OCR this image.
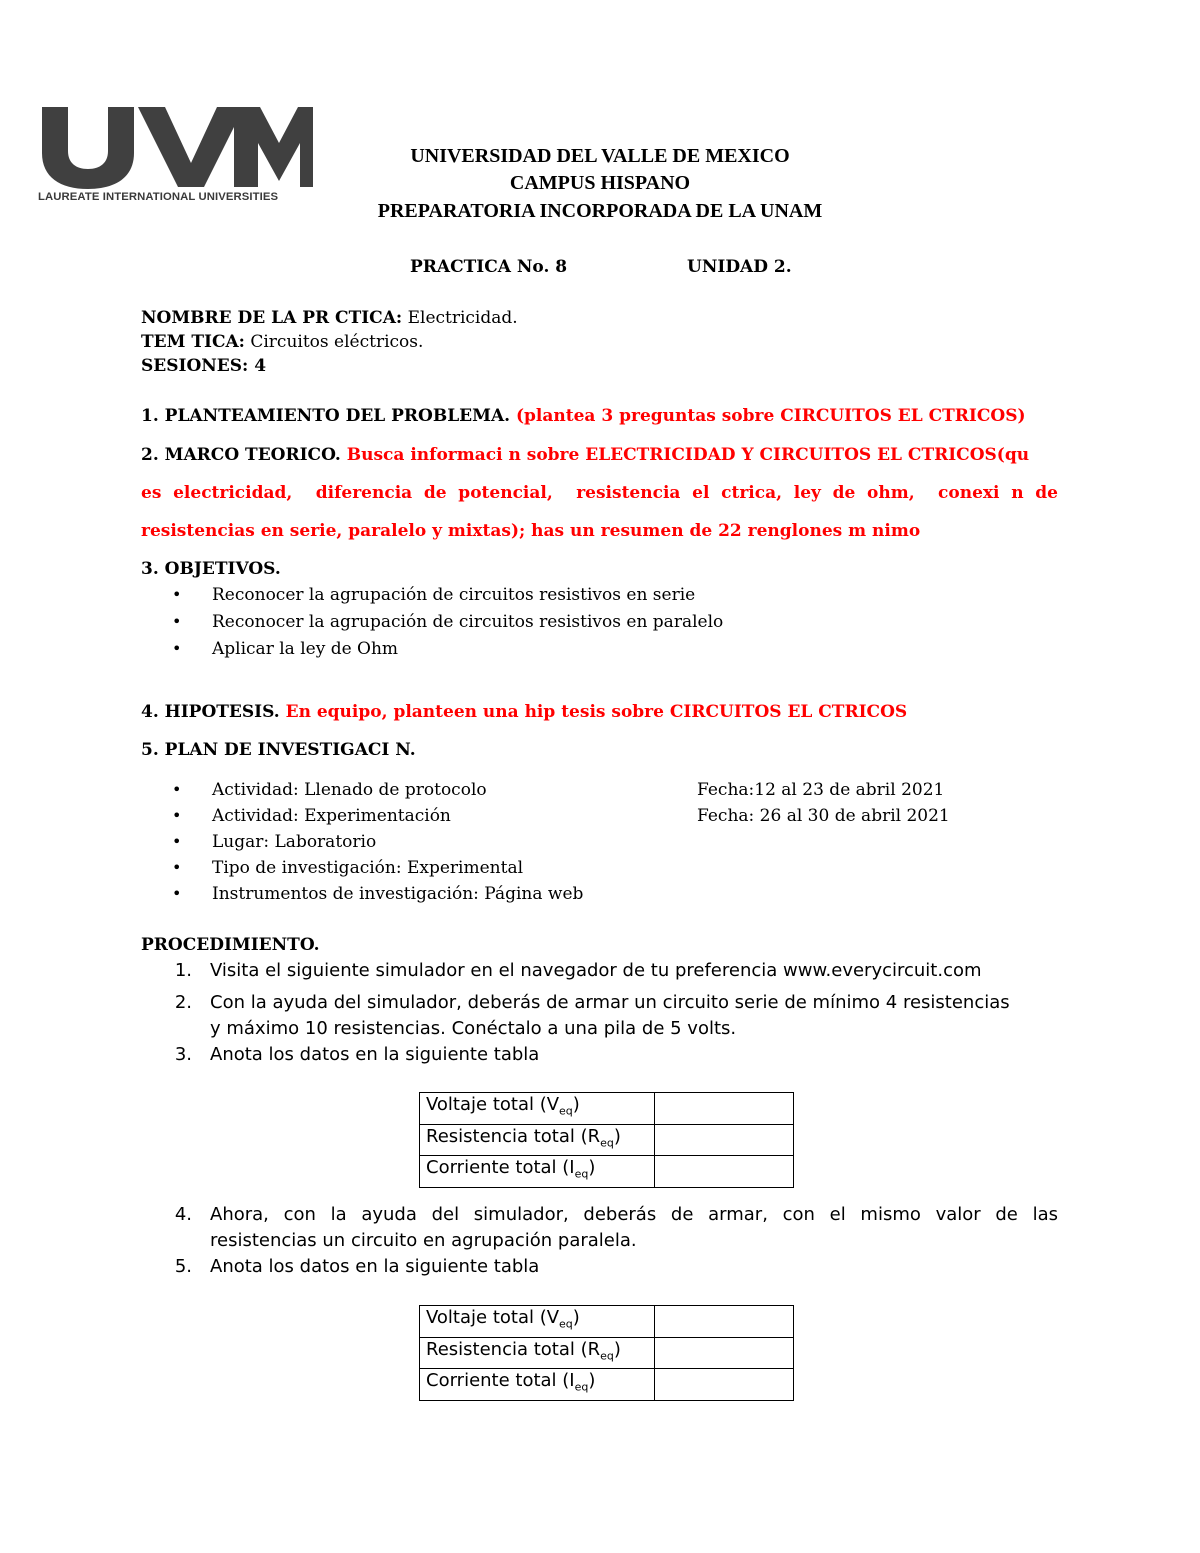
LAUREATE INTERNATIONAL UNIVERSITIES
UNIVERSIDAD DEL VALLE DE MEXICO
CAMPUS HISPANO
PREPARATORIA INCORPORADA DE LA UNAM
PRACTICA No. 8	UNIDAD 2.
NOMBRE DE LA PR CTICA: Electricidad.
TEM TICA: Circuitos eléctricos.
SESIONES: 4
1. PLANTEAMIENTO DEL PROBLEMA. (plantea 3 preguntas sobre CIRCUITOS EL CTRICOS)
2. MARCO TEORICO. Busca informaci n sobre ELECTRICIDAD Y CIRCUITOS EL CTRICOS(qu
es electricidad,  diferencia de potencial,  resistencia el ctrica, ley de ohm,  conexi n de
resistencias en serie, paralelo y mixtas); has un resumen de 22 renglones m nimo
3. OBJETIVOS.
• Reconocer la agrupación de circuitos resistivos en serie
• Reconocer la agrupación de circuitos resistivos en paralelo
• Aplicar la ley de Ohm
4. HIPOTESIS. En equipo, planteen una hip tesis sobre CIRCUITOS EL CTRICOS
5. PLAN DE INVESTIGACI N.
• Actividad: Llenado de protocolo	Fecha:12 al 23 de abril 2021
• Actividad: Experimentación	Fecha: 26 al 30 de abril 2021
• Lugar: Laboratorio
• Tipo de investigación: Experimental
• Instrumentos de investigación: Página web
PROCEDIMIENTO.
1. Visita el siguiente simulador en el navegador de tu preferencia www.everycircuit.com
2. Con la ayuda del simulador, deberás de armar un circuito serie de mínimo 4 resistencias
y máximo 10 resistencias. Conéctalo a una pila de 5 volts.
3. Anota los datos en la siguiente tabla
Voltaje total $(V_{eq})$	
Resistencia total $(R_{eq})$	
Corriente total $(I_{eq})$	
4. Ahora, con la ayuda del simulador, deberás de armar, con el mismo valor de las
resistencias un circuito en agrupación paralela.
5. Anota los datos en la siguiente tabla
Voltaje total $(V_{eq})$	
Resistencia total $(R_{eq})$	
Corriente total $(I_{eq})$	
